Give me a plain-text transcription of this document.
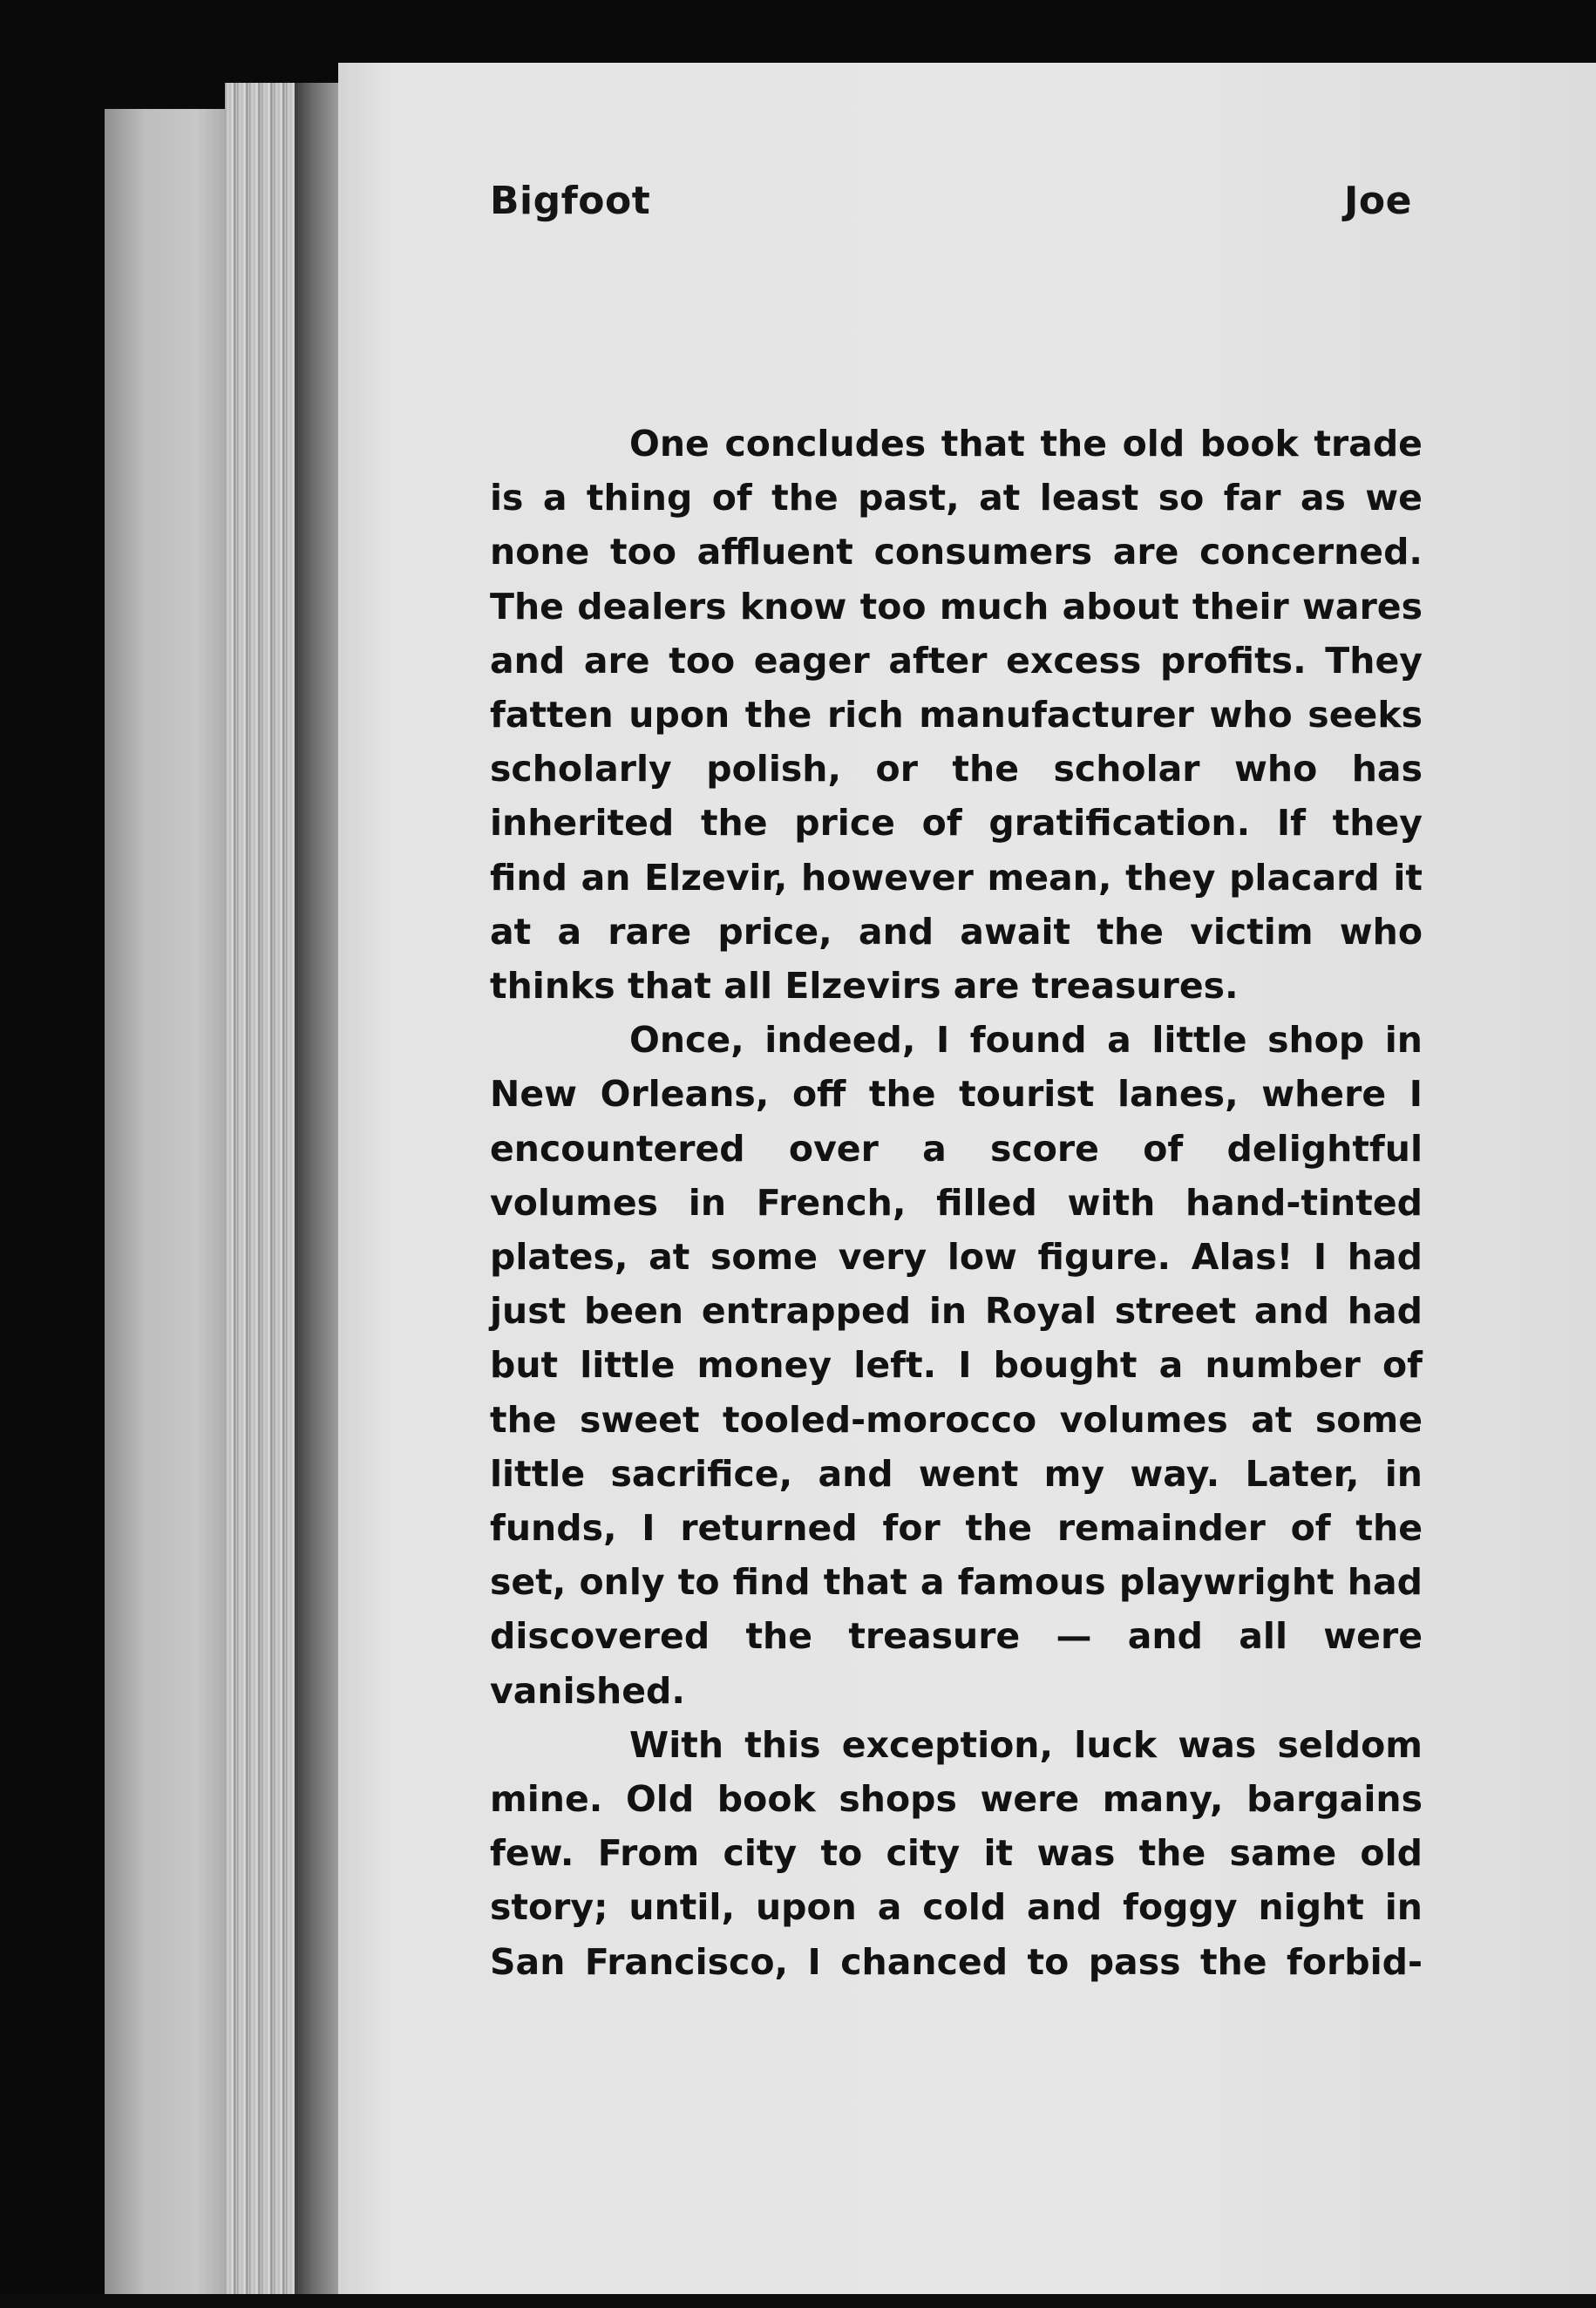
Bigfoot	Joe

One concludes that the old book trade is a thing of the past, at least so far as we none too affluent consumers are concerned. The dealers know too much about their wares and are too eager after excess profits. They fatten upon the rich manufacturer who seeks scholarly polish, or the scholar who has inherited the price of gratification. If they find an Elzevir, however mean, they placard it at a rare price, and await the victim who thinks that all Elzevirs are treasures.

Once, indeed, I found a little shop in New Orleans, off the tourist lanes, where I encountered over a score of delightful volumes in French, filled with hand-tinted plates, at some very low figure. Alas! I had just been entrapped in Royal street and had but little money left. I bought a number of the sweet tooled-morocco volumes at some little sacrifice, and went my way. Later, in funds, I returned for the remainder of the set, only to find that a famous playwright had discovered the treasure — and all were vanished.

With this exception, luck was seldom mine. Old book shops were many, bargains few. From city to city it was the same old story; until, upon a cold and foggy night in San Francisco, I chanced to pass the forbid-
